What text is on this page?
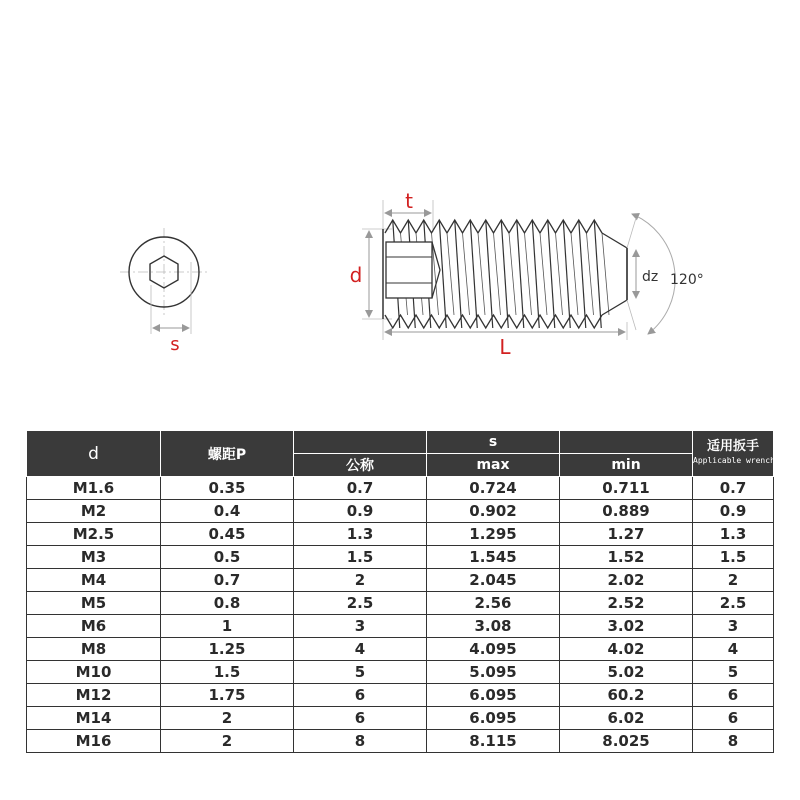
s
dz 120°
t
d
L
d	螺距P		s		适用扳手
Applicable wrench

		公称	max	min	
M1.6	0.35	0.7	0.724	0.711	0.7
M2	0.4	0.9	0.902	0.889	0.9
M2.5	0.45	1.3	1.295	1.27	1.3
M3	0.5	1.5	1.545	1.52	1.5
M4	0.7	2	2.045	2.02	2
M5	0.8	2.5	2.56	2.52	2.5
M6	1	3	3.08	3.02	3
M8	1.25	4	4.095	4.02	4
M10	1.5	5	5.095	5.02	5
M12	1.75	6	6.095	60.2	6
M14	2	6	6.095	6.02	6
M16	2	8	8.115	8.025	8
